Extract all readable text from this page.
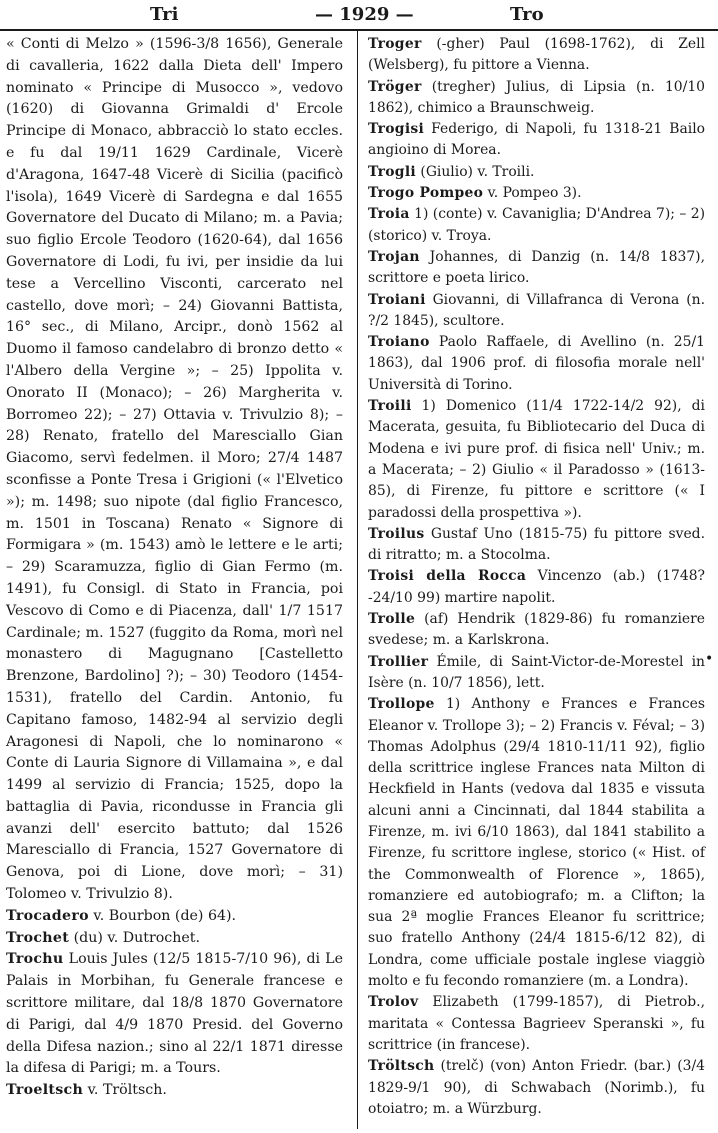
Tri	— 1929 —	Tro

« Conti di Melzo » (1596-3/8 1656), Generale di cavalleria, 1622 dalla Dieta dell' Impero nominato « Principe di Musocco », vedovo (1620) di Giovanna Grimaldi d' Ercole Principe di Monaco, abbracciò lo stato eccles. e fu dal 19/11 1629 Cardinale, Vicerè d'Aragona, 1647-48 Vicerè di Sicilia (pacificò l'isola), 1649 Vicerè di Sardegna e dal 1655 Governatore del Ducato di Milano; m. a Pavia; suo figlio Ercole Teodoro (1620-64), dal 1656 Governatore di Lodi, fu ivi, per insidie da lui tese a Vercellino Visconti, carcerato nel castello, dove morì; – 24) Giovanni Battista, 16° sec., di Milano, Arcipr., donò 1562 al Duomo il famoso candelabro di bronzo detto « l'Albero della Vergine »; – 25) Ippolita v. Onorato II (Monaco); – 26) Margherita v. Borromeo 22); – 27) Ottavia v. Trivulzio 8); – 28) Renato, fratello del Maresciallo Gian Giacomo, servì fedelmen. il Moro; 27/4 1487 sconfisse a Ponte Tresa i Grigioni (« l'Elvetico »); m. 1498; suo nipote (dal figlio Francesco, m. 1501 in Toscana) Renato « Signore di Formigara » (m. 1543) amò le lettere e le arti; – 29) Scaramuzza, figlio di Gian Fermo (m. 1491), fu Consigl. di Stato in Francia, poi Vescovo di Como e di Piacenza, dall' 1/7 1517 Cardinale; m. 1527 (fuggito da Roma, morì nel monastero di Magugnano [Castelletto Brenzone, Bardolino] ?); – 30) Teodoro (1454-1531), fratello del Cardin. Antonio, fu Capitano famoso, 1482-94 al servizio degli Aragonesi di Napoli, che lo nominarono « Conte di Lauria Signore di Villamaina », e dal 1499 al servizio di Francia; 1525, dopo la battaglia di Pavia, ricondusse in Francia gli avanzi dell' esercito battuto; dal 1526 Maresciallo di Francia, 1527 Governatore di Genova, poi di Lione, dove morì; – 31) Tolomeo v. Trivulzio 8).

Trocadero v. Bourbon (de) 64).

Trochet (du) v. Dutrochet.

Trochu Louis Jules (12/5 1815-7/10 96), di Le Palais in Morbihan, fu Generale francese e scrittore militare, dal 18/8 1870 Governatore di Parigi, dal 4/9 1870 Presid. del Governo della Difesa nazion.; sino al 22/1 1871 diresse la difesa di Parigi; m. a Tours.

Troeltsch v. Tröltsch.

Troger (-gher) Paul (1698-1762), di Zell (Welsberg), fu pittore a Vienna.

Tröger (tregher) Julius, di Lipsia (n. 10/10 1862), chimico a Braunschweig.

Trogisi Federigo, di Napoli, fu 1318-21 Bailo angioino di Morea.

Trogli (Giulio) v. Troili.

Trogo Pompeo v. Pompeo 3).

Troia 1) (conte) v. Cavaniglia; D'Andrea 7); – 2) (storico) v. Troya.

Trojan Johannes, di Danzig (n. 14/8 1837), scrittore e poeta lirico.

Troiani Giovanni, di Villafranca di Verona (n. ?/2 1845), scultore.

Troiano Paolo Raffaele, di Avellino (n. 25/1 1863), dal 1906 prof. di filosofia morale nell' Università di Torino.

Troili 1) Domenico (11/4 1722-14/2 92), di Macerata, gesuita, fu Bibliotecario del Duca di Modena e ivi pure prof. di fisica nell' Univ.; m. a Macerata; – 2) Giulio « il Paradosso » (1613-85), di Firenze, fu pittore e scrittore (« I paradossi della prospettiva »).

Troilus Gustaf Uno (1815-75) fu pittore sved. di ritratto; m. a Stocolma.

Troisi della Rocca Vincenzo (ab.) (1748?-24/10 99) martire napolit.

Trolle (af) Hendrik (1829-86) fu romanziere svedese; m. a Karlskrona.

Trollier Émile, di Saint-Victor-de-Morestel in Isère (n. 10/7 1856), lett.

Trollope 1) Anthony e Frances e Frances Eleanor v. Trollope 3); – 2) Francis v. Féval; – 3) Thomas Adolphus (29/4 1810-11/11 92), figlio della scrittrice inglese Frances nata Milton di Heckfield in Hants (vedova dal 1835 e vissuta alcuni anni a Cincinnati, dal 1844 stabilita a Firenze, m. ivi 6/10 1863), dal 1841 stabilito a Firenze, fu scrittore inglese, storico (« Hist. of the Commonwealth of Florence », 1865), romanziere ed autobiografo; m. a Clifton; la sua 2ª moglie Frances Eleanor fu scrittrice; suo fratello Anthony (24/4 1815-6/12 82), di Londra, come ufficiale postale inglese viaggiò molto e fu fecondo romanziere (m. a Londra).

Trolov Elizabeth (1799-1857), di Pietrob., maritata « Contessa Bagrieev Speranski », fu scrittrice (in francese).

Tröltsch (trelč) (von) Anton Friedr. (bar.) (3/4 1829-9/1 90), di Schwabach (Norimb.), fu otoiatro; m. a Würzburg.

•
